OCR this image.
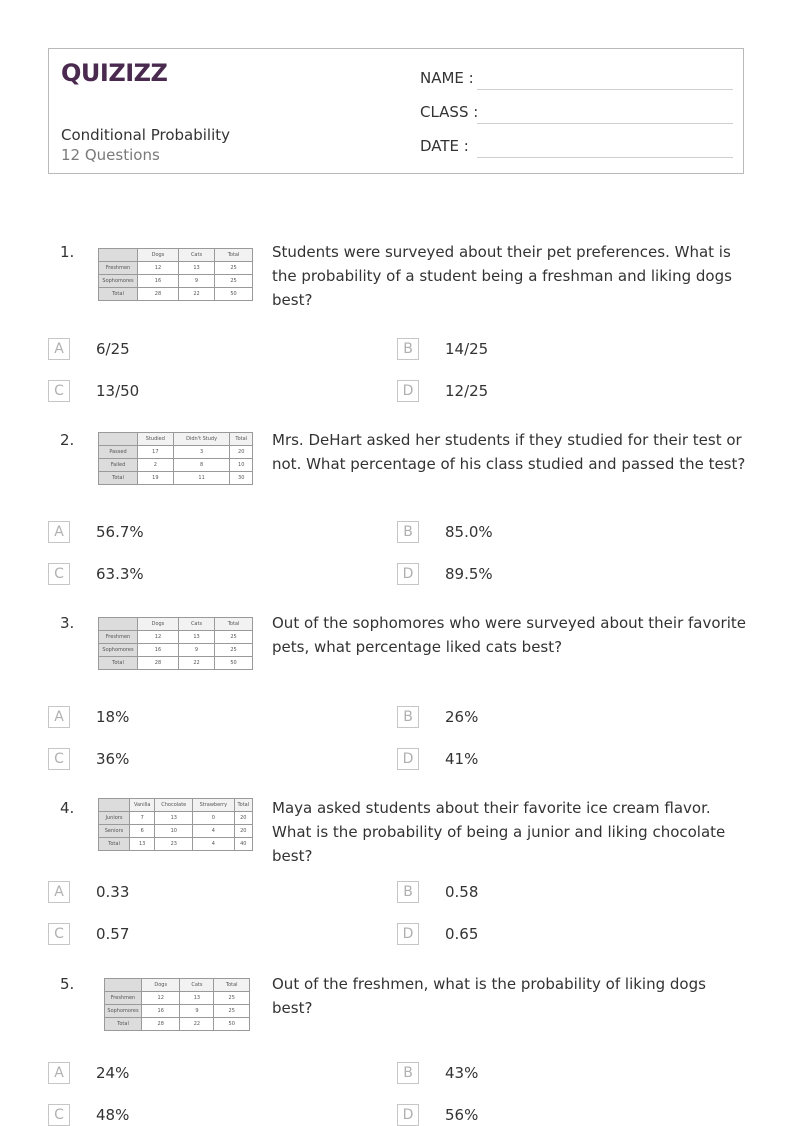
QUIZIZZ
Conditional Probability
12 Questions
NAME :
CLASS :
DATE :
1.
		Dogs	Cats	Total
Freshmen	12	13	25
Sophomores	16	9	25
Total	28	22	50
Students were surveyed about their pet preferences. What is the probability of a student being a freshman and liking dogs best?
A	6/25	B	14/25
C	13/50	D	12/25
2.
		Studied	Didn't Study	Total
Passed	17	3	20
Failed	2	8	10
Total	19	11	30
Mrs. DeHart asked her students if they studied for their test or not. What percentage of his class studied and passed the test?
A	56.7%	B	85.0%
C	63.3%	D	89.5%
3.
		Dogs	Cats	Total
Freshmen	12	13	25
Sophomores	16	9	25
Total	28	22	50
Out of the sophomores who were surveyed about their favorite pets, what percentage liked cats best?
A	18%	B	26%
C	36%	D	41%
4.
		Vanilla	Chocolate	Strawberry	Total
Juniors	7	13	0	20
Seniors	6	10	4	20
Total	13	23	4	40
Maya asked students about their favorite ice cream flavor. What is the probability of being a junior and liking chocolate best?
A	0.33	B	0.58
C	0.57	D	0.65
5.
		Dogs	Cats	Total
Freshmen	12	13	25
Sophomores	16	9	25
Total	28	22	50
Out of the freshmen, what is the probability of liking dogs best?
A	24%	B	43%
C	48%	D	56%
